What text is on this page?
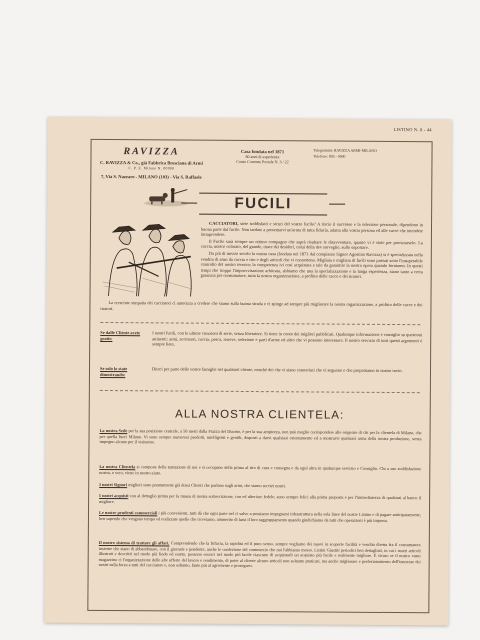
LISTINO N. 8 - 44
RAVIZZA
C. RAVIZZA & Co., già Fabbrica Bresciana di Armi
C. P. E. Milano N. 00000
7, Via S. Nazzaro - MILANO (103) - Via S. Raffaele
Casa fondata nel 1871
80 anni di esperienza
Conto Corrente Postale N. 3 / 22
Telegrammi: RAVIZZA ARMI-MILANO
Telefono: 895 - 0000
FUCILI

CACCIATORI, siete soddisfatti e sicuri del vostro fucile? A rìscio il successo e la selezione personale, dipendono in buona parte dal fucile. Non tardate a presentarvi un'arma di tutta fiducia, adatta alla vostra persona ed alle cacce che intendete intraprendere.

Il Fucile sarà sempre un ottimo compagno che saprà risultare le disavventure, quanto vi è stato per procurarselo. La caccia, unisce colorato, del grande, tirate dei desideri, colui della dev sorveglio, sullo soportare.

Da più di mezzo secolo la nostra casa (fondata nel 1871 dal compianto Signor Agostino Ravizza) si è specializzata nella vendita di armi da caccia e tiro e degli articoli che vi connettono. Migliaia e migliaia di fucili sono passati sotto l'insuperabile controllo del nostro tecnico; la competenza ivi così acquistata e tale da garantire la nostra opera quando forniamo. In questi tempi che troppo l'improvvisazione arbitrata, abbiamo che una la specializzazione e la lunga esperienza, siano tanto a certa garanzia per consumatore, tutta la nostra organizzazione, a profitto delle cacce e dei tiratori.

La cresciute simpatia dei cacciatori ci autorizza a credere che siamo sulla buona strada e ci spinge ad sempre più migliorare la nostra organizzazione, a profitto delle cacce e dei tiratori.
Se dalle Cliente avete gratis:
I nostri fucili, con le ultime creazioni di serie, senza liberatore. Si tiene in conto dei migliori pubblicati. Qualunque informazione e consiglio su questioni attinenti: armi, accessori, caccia, pesca, riserve, selezione e parti d'arme ed altro che vi possono interessare. Il nostro servizio di tutti questi argomenti è sempre lieto.
Se solo lo state dimostrando:
Diteci per parte delle vostre famiglie nel qualsiasi cliente, nonché dei che vi siano conosciuti che vi seguono e che proponiamo in nostro invio.
ALLA NOSTRA CLIENTELA:
La nostra Sede per la sua posizione centrale, a 50 metri dalla Piazza del Duomo, è per la sua ampiezza, non può meglio corrispondere alle esigenze di chi per la clientela di Milano, che per quella fuori Milano. Vi sono sempre numerosi prodotti, intelligenti e gentili, disposti a darvi qualsiasi orientamento ed a mostrarvi qualsiasi arma della nostra produzione, senza impegno alcuno per il visitatore.
La nostra Clientela si compone della trattazione di noi e si occupano della prima al tiro di cura e consegna e da ogni altra in qualunque servizio e Consiglio. Chi a suo soddisfazione nostra, o vero, viene in nostro aiuto.
I nostri Signori migliori sono prontamente già dossi Clienti che parlano sugli armi, che siamo servizi nostri.
I nostri acquisti con al dettaglio prima per la massa di nostra sottoscrizione, con ed ulteriore fedele; sono sempre felici alla prima proposta e per l'immediatezza di qualsiasi al banco il migliore.
Le nostre prudenti commerciali i più convenienti, tutti dà che ogni parte nel ci salvo a possiamo impegnarsi infrastruttura nella sola linee del nostre Listino e di pagare anticipatamente; ben sapendo che vengono tempo ed realizzate quelle che riceviamo, ammerito di lassi il loro raggruppamento quando giudichiamo da tutti che operazioni è più importa.
Il nostro sistema di trattare gli affari. Comprendendo che la fiducia, la rapidità ed il puro senso, sempre vogliamo dei nuovi in scoperte facilità e vendita diretta fra il consumatore insieme che siano di abbandonare, con il giornale e pendente, anche le confezione del commercio che noi l'abbiamo messo. Listini Giustiti periodici ben dettagliati, in cui i nostri articoli illustrati e descritti nel modo più lindo ed esatto, possono esserci nel modo più facile ciascuno di acquistarli un acquisto più facile e realmente migliore. È sicuro se il nostro vasto magazzino ci l'organizzazione delle alte offerte del lavoro e rendimento, di poter al cliente alcuno articoli non soltanto praticati, ma anche migliorare e perfezionamento dell'interesse dei nostri sulla forza a tutti del cacciatore e, non soltanto, faute più al agremente e prosegueo.
